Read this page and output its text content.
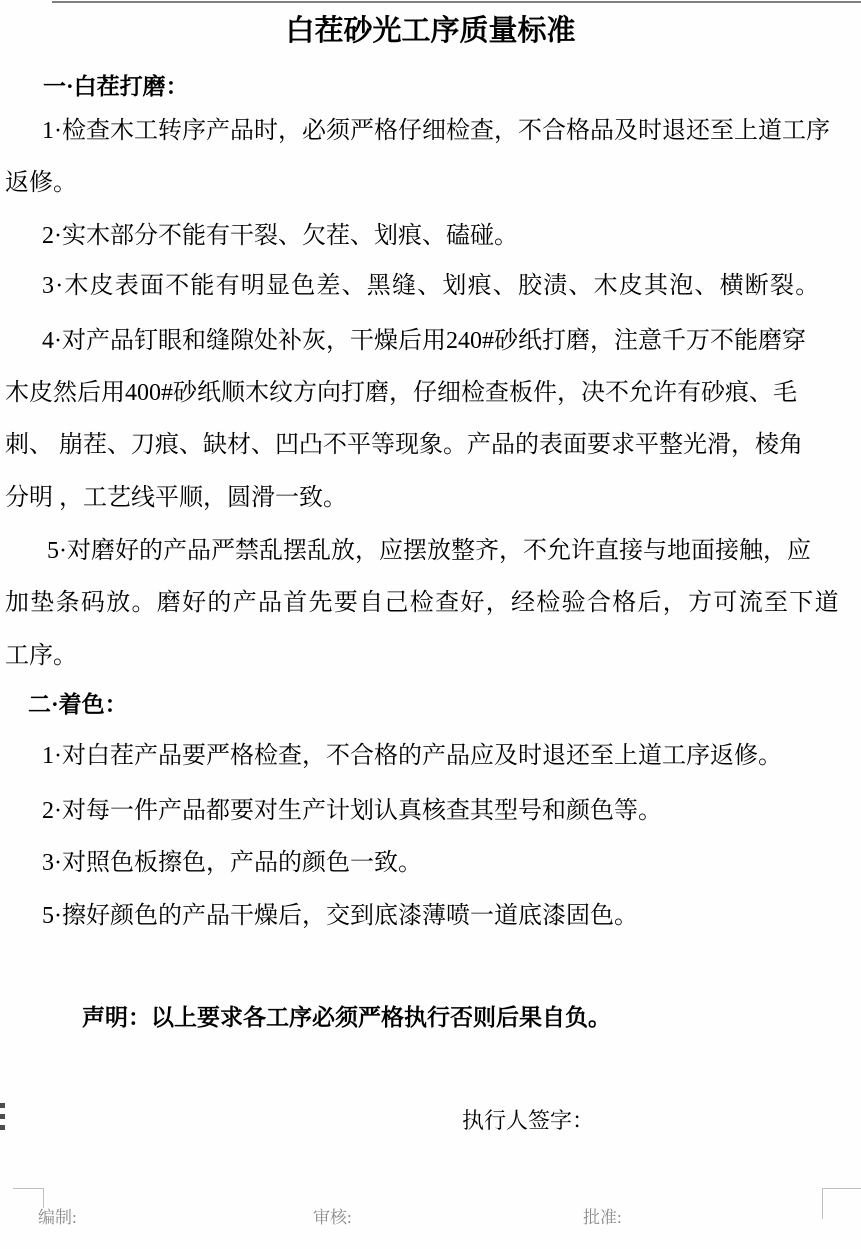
白茬砂光工序质量标准
一·白茬打磨：
1·检查木工转序产品时，必须严格仔细检查，不合格品及时退还至上道工序
返修。
2·实木部分不能有干裂、欠茬、划痕、磕碰。
3·木皮表面不能有明显色差、黑缝、划痕、胶渍、木皮其泡、横断裂。
4·对产品钉眼和缝隙处补灰，干燥后用240#砂纸打磨，注意千万不能磨穿
木皮然后用400#砂纸顺木纹方向打磨，仔细检查板件，决不允许有砂痕、毛
刺、 崩茬、刀痕、缺材、凹凸不平等现象。产品的表面要求平整光滑，棱角
分明 ，工艺线平顺，圆滑一致。
5·对磨好的产品严禁乱摆乱放，应摆放整齐，不允许直接与地面接触，应
加垫条码放。磨好的产品首先要自己检查好，经检验合格后，方可流至下道
工序。
二·着色：
1·对白茬产品要严格检查，不合格的产品应及时退还至上道工序返修。
2·对每一件产品都要对生产计划认真核查其型号和颜色等。
3·对照色板擦色，产品的颜色一致。
5·擦好颜色的产品干燥后，交到底漆薄喷一道底漆固色。
声明：以上要求各工序必须严格执行否则后果自负。
执行人签字：
编制:	审核:	批准:
